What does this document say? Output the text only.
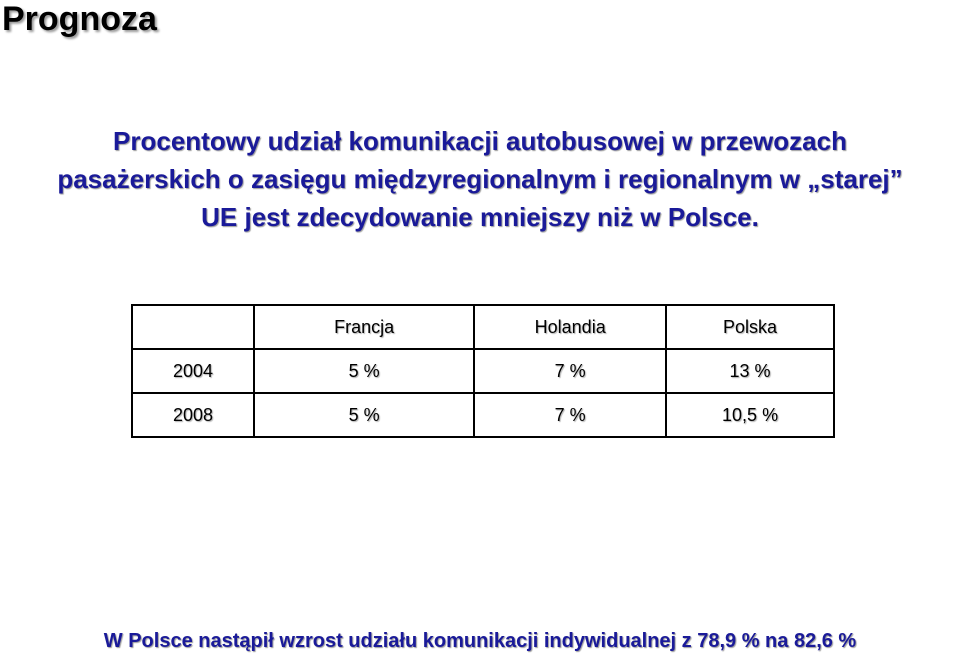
Prognoza
Procentowy udział komunikacji autobusowej w przewozach
pasażerskich o zasięgu międzyregionalnym i regionalnym w „starej”
UE jest zdecydowanie mniejszy niż w Polsce.
	Francja	Holandia	Polska
2004	5 %	7 %	13 %
2008	5 %	7 %	10,5 %
W Polsce nastąpił wzrost udziału komunikacji indywidualnej z 78,9 % na 82,6 %
